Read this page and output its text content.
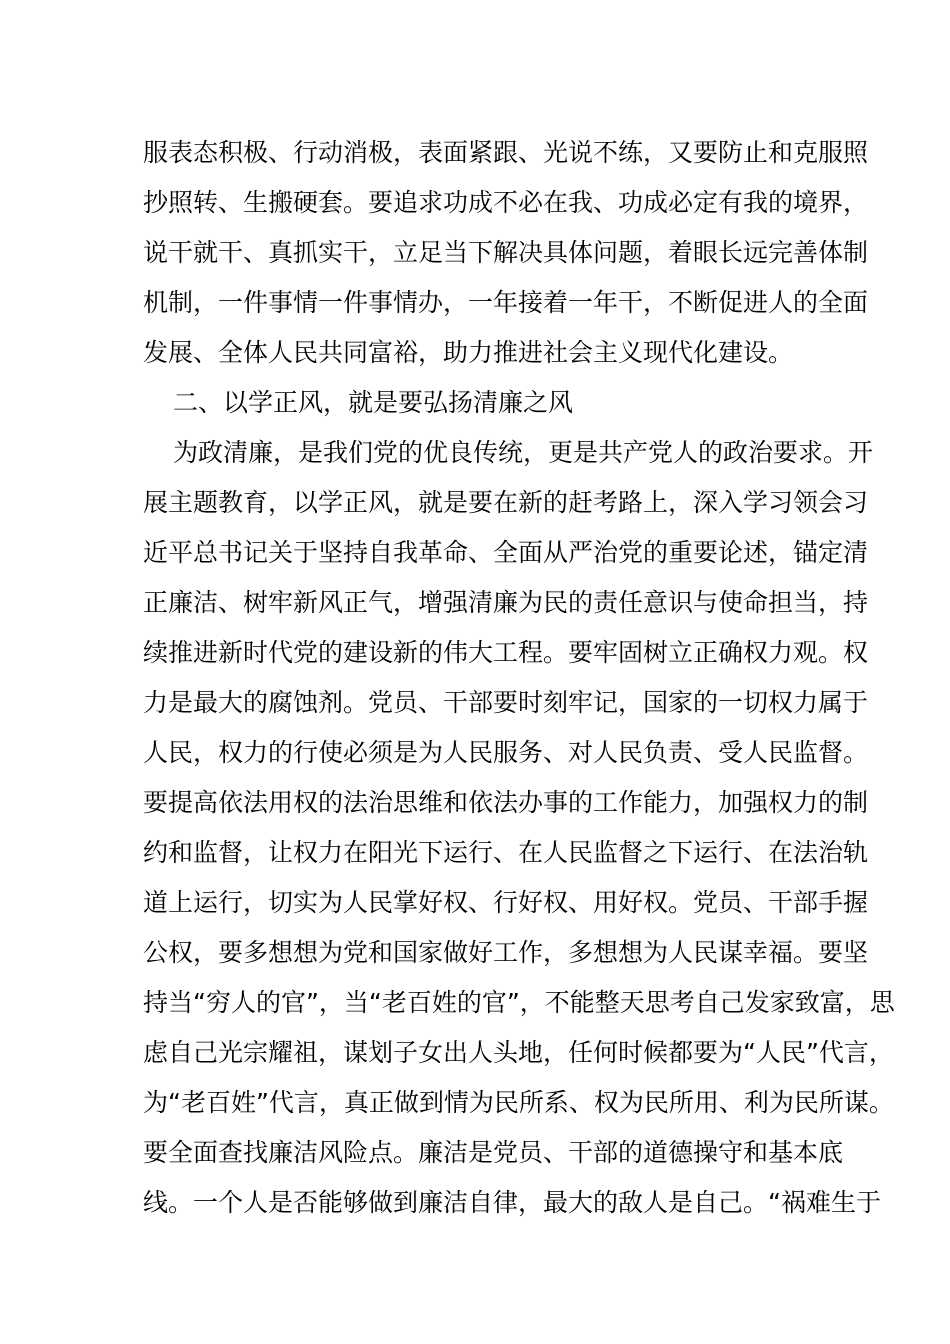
服表态积极、行动消极，表面紧跟、光说不练，又要防止和克服照
抄照转、生搬硬套。要追求功成不必在我、功成必定有我的境界，
说干就干、真抓实干，立足当下解决具体问题，着眼长远完善体制
机制，一件事情一件事情办，一年接着一年干，不断促进人的全面
发展、全体人民共同富裕，助力推进社会主义现代化建设。
二、以学正风，就是要弘扬清廉之风
为政清廉，是我们党的优良传统，更是共产党人的政治要求。开
展主题教育，以学正风，就是要在新的赶考路上，深入学习领会习
近平总书记关于坚持自我革命、全面从严治党的重要论述，锚定清
正廉洁、树牢新风正气，增强清廉为民的责任意识与使命担当，持
续推进新时代党的建设新的伟大工程。要牢固树立正确权力观。权
力是最大的腐蚀剂。党员、干部要时刻牢记，国家的一切权力属于
人民，权力的行使必须是为人民服务、对人民负责、受人民监督。
要提高依法用权的法治思维和依法办事的工作能力，加强权力的制
约和监督，让权力在阳光下运行、在人民监督之下运行、在法治轨
道上运行，切实为人民掌好权、行好权、用好权。党员、干部手握
公权，要多想想为党和国家做好工作，多想想为人民谋幸福。要坚
持当“穷人的官”，当“老百姓的官”，不能整天思考自己发家致富，思
虑自己光宗耀祖，谋划子女出人头地，任何时候都要为“人民”代言，
为“老百姓”代言，真正做到情为民所系、权为民所用、利为民所谋。
要全面查找廉洁风险点。廉洁是党员、干部的道德操守和基本底
线。一个人是否能够做到廉洁自律，最大的敌人是自己。“祸难生于
